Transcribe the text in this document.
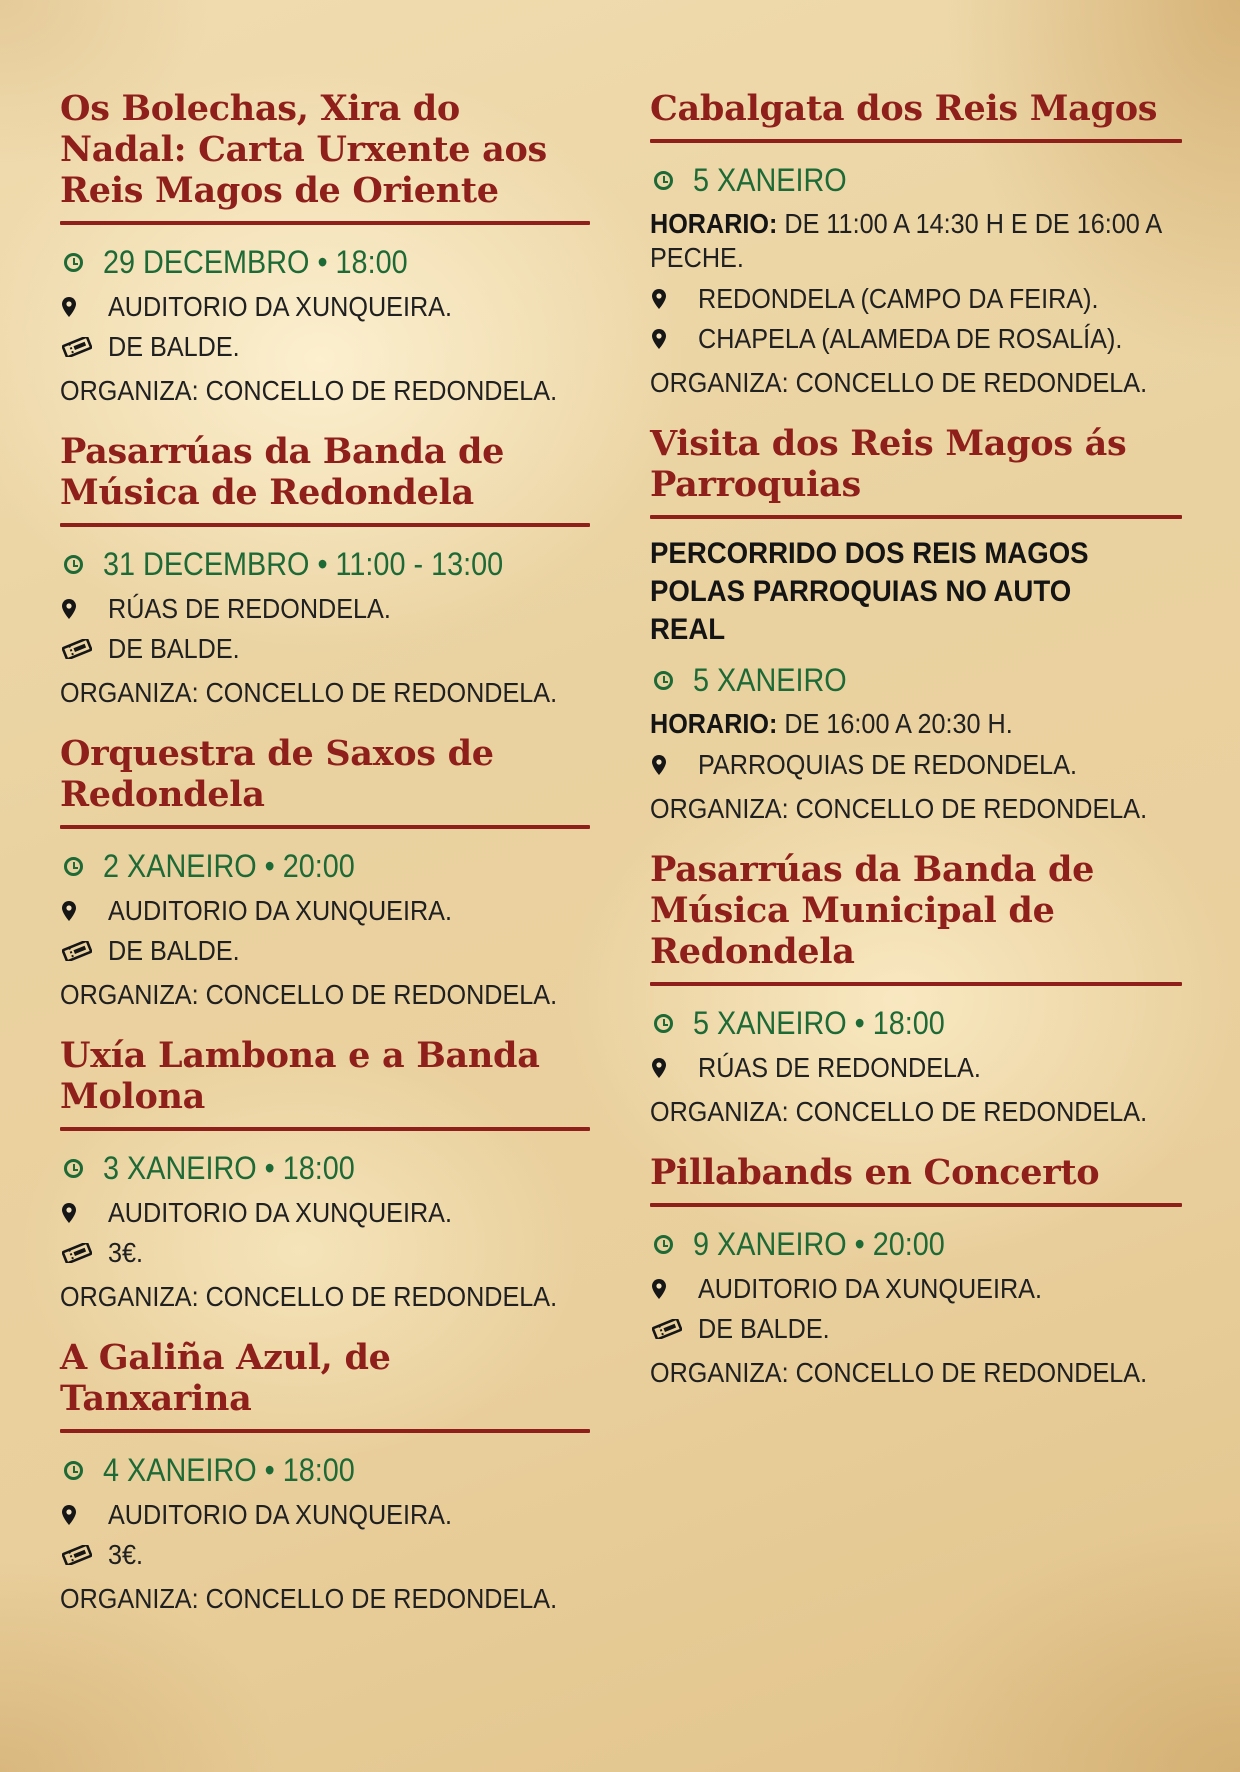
Os Bolechas, Xira do Nadal: Carta Urxente aos Reis Magos de Oriente
29 DECEMBRO • 18:00
AUDITORIO DA XUNQUEIRA.
DE BALDE.
ORGANIZA: CONCELLO DE REDONDELA.
Pasarrúas da Banda de Música de Redondela
31 DECEMBRO • 11:00 - 13:00
RÚAS DE REDONDELA.
DE BALDE.
ORGANIZA: CONCELLO DE REDONDELA.
Orquestra de Saxos de Redondela
2 XANEIRO • 20:00
AUDITORIO DA XUNQUEIRA.
DE BALDE.
ORGANIZA: CONCELLO DE REDONDELA.
Uxía Lambona e a Banda Molona
3 XANEIRO • 18:00
AUDITORIO DA XUNQUEIRA.
3€.
ORGANIZA: CONCELLO DE REDONDELA.
A Galiña Azul, de Tanxarina
4 XANEIRO • 18:00
AUDITORIO DA XUNQUEIRA.
3€.
ORGANIZA: CONCELLO DE REDONDELA.
Cabalgata dos Reis Magos
5 XANEIRO
HORARIO: DE 11:00 A 14:30 H E DE 16:00 A PECHE.
REDONDELA (CAMPO DA FEIRA).
CHAPELA (ALAMEDA DE ROSALÍA).
ORGANIZA: CONCELLO DE REDONDELA.
Visita dos Reis Magos ás Parroquias
PERCORRIDO DOS REIS MAGOS POLAS PARROQUIAS NO AUTO REAL
5 XANEIRO
HORARIO: DE 16:00 A 20:30 H.
PARROQUIAS DE REDONDELA.
ORGANIZA: CONCELLO DE REDONDELA.
Pasarrúas da Banda de Música Municipal de Redondela
5 XANEIRO • 18:00
RÚAS DE REDONDELA.
ORGANIZA: CONCELLO DE REDONDELA.
Pillabands en Concerto
9 XANEIRO • 20:00
AUDITORIO DA XUNQUEIRA.
DE BALDE.
ORGANIZA: CONCELLO DE REDONDELA.
